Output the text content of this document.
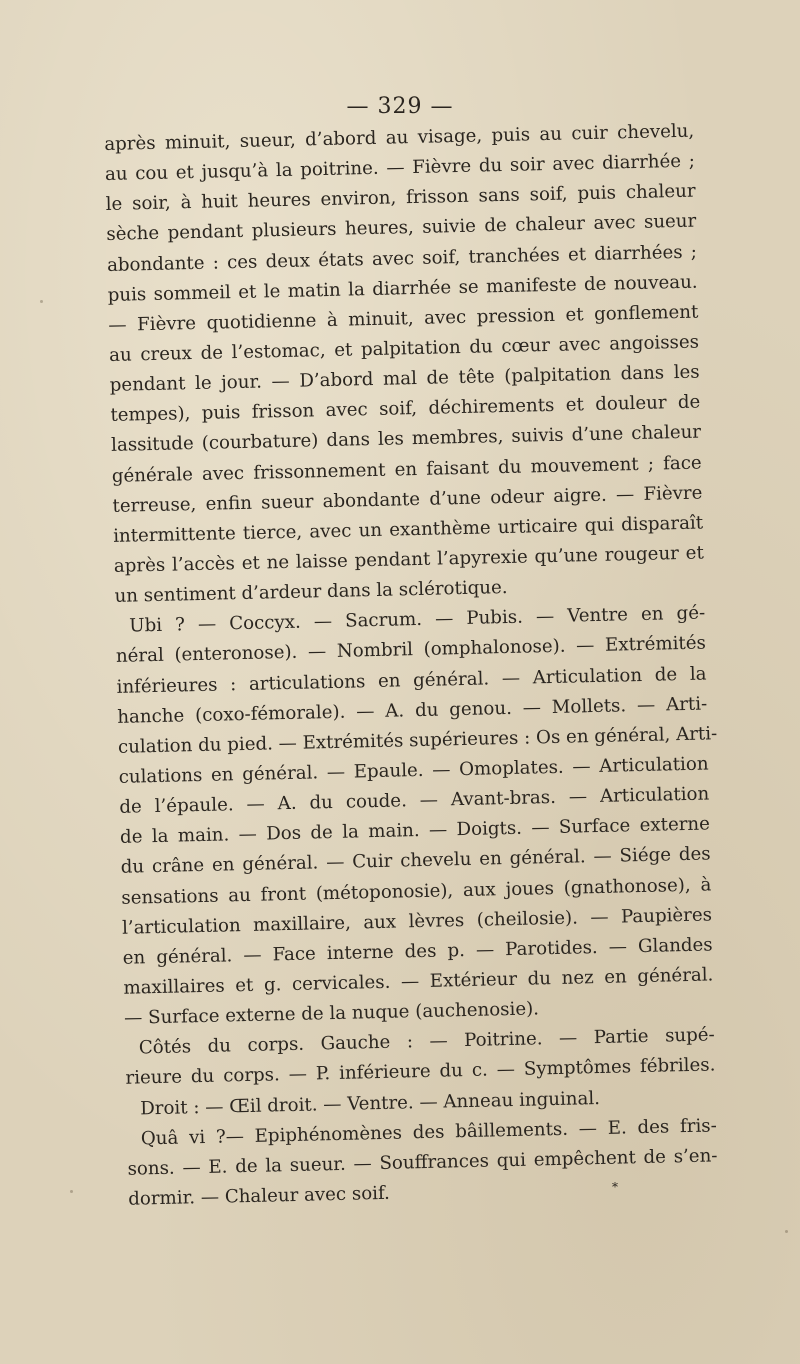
— 329 —
après minuit, sueur, d’abord au visage, puis au cuir chevelu,
au cou et jusqu’à la poitrine. — Fièvre du soir avec diarrhée ;
le soir, à huit heures environ, frisson sans soif, puis chaleur
sèche pendant plusieurs heures, suivie de chaleur avec sueur
abondante : ces deux états avec soif, tranchées et diarrhées ;
puis sommeil et le matin la diarrhée se manifeste de nouveau.
— Fièvre quotidienne à minuit, avec pression et gonflement
au creux de l’estomac, et palpitation du cœur avec angoisses
pendant le jour. — D’abord mal de tête (palpitation dans les
tempes), puis frisson avec soif, déchirements et douleur de
lassitude (courbature) dans les membres, suivis d’une chaleur
générale avec frissonnement en faisant du mouvement ; face
terreuse, enfin sueur abondante d’une odeur aigre. — Fièvre
intermittente tierce, avec un exanthème urticaire qui disparaît
après l’accès et ne laisse pendant l’apyrexie qu’une rougeur et
un sentiment d’ardeur dans la sclérotique.
Ubi ? — Coccyx. — Sacrum. — Pubis. — Ventre en gé-
néral (enteronose). — Nombril (omphalonose). — Extrémités
inférieures : articulations en général. — Articulation de la
hanche (coxo-fémorale). — A. du genou. — Mollets. — Arti-
culation du pied. — Extrémités supérieures : Os en général, Arti-
culations en général. — Epaule. — Omoplates. — Articulation
de l’épaule. — A. du coude. — Avant-bras. — Articulation
de la main. — Dos de la main. — Doigts. — Surface externe
du crâne en général. — Cuir chevelu en général. — Siége des
sensations au front (métoponosie), aux joues (gnathonose), à
l’articulation maxillaire, aux lèvres (cheilosie). — Paupières
en général. — Face interne des p. — Parotides. — Glandes
maxillaires et g. cervicales. — Extérieur du nez en général.
— Surface externe de la nuque (auchenosie).
Côtés du corps. Gauche : — Poitrine. — Partie supé-
rieure du corps. — P. inférieure du c. — Symptômes fébriles.
Droit : — Œil droit. — Ventre. — Anneau inguinal.
Quâ vi ?— Epiphénomènes des bâillements. — E. des fris-
sons. — E. de la sueur. — Souffrances qui empêchent de s’en-
dormir. — Chaleur avec soif.	*
